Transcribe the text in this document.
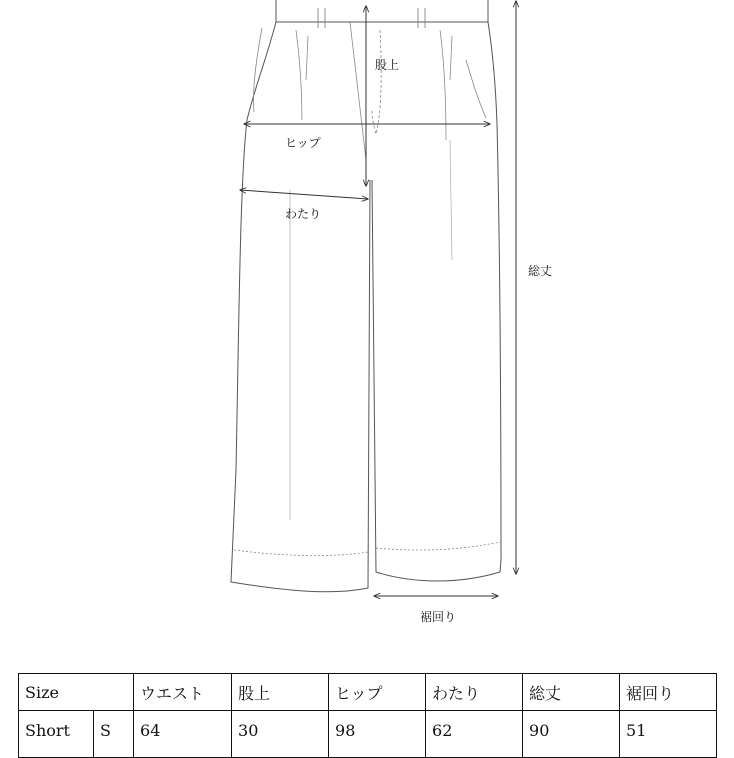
股上
ヒップ
わたり
総丈
裾回り
Size		ウエスト	股上	ヒップ	わたり	総丈	裾回り
Short	S	64	30	98	62	90	51
